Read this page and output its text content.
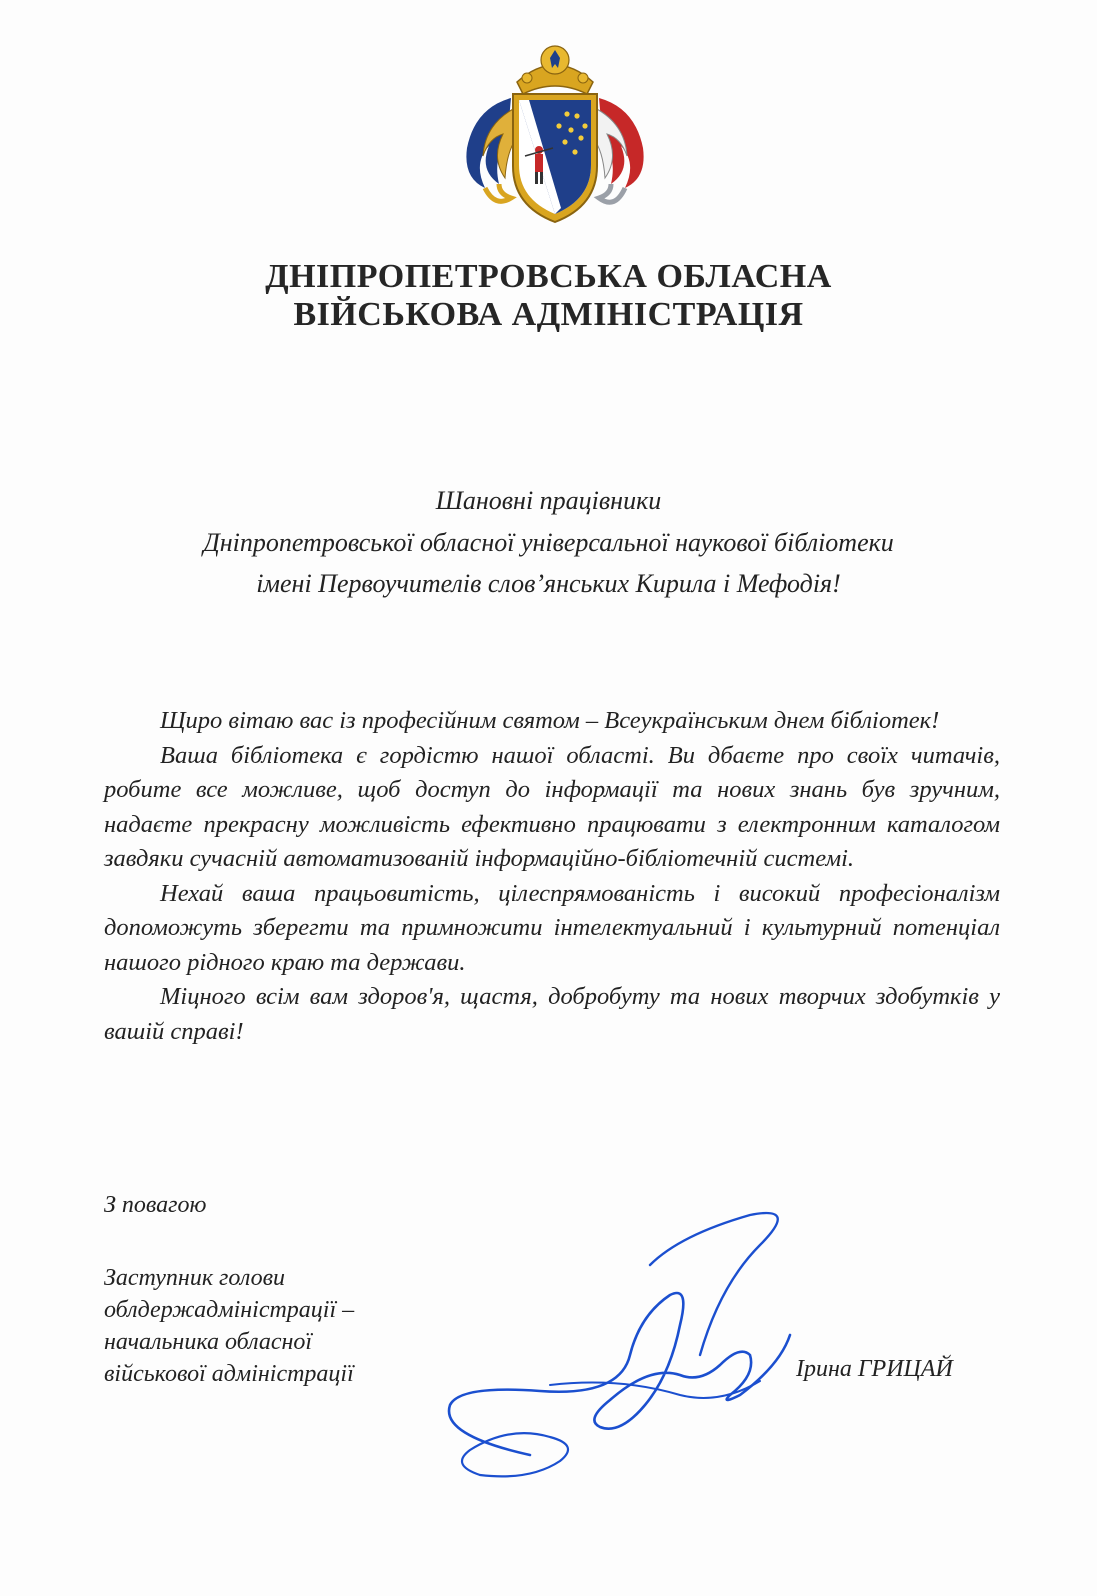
ДНІПРОПЕТРОВСЬКА ОБЛАСНА
ВІЙСЬКОВА АДМІНІСТРАЦІЯ
Шановні працівники
Дніпропетровської обласної універсальної наукової бібліотеки
імені Первоучителів слов’янських Кирила і Мефодія!

Щиро вітаю вас із професійним святом – Всеукраїнським днем бібліотек!

Ваша бібліотека є гордістю нашої області. Ви дбаєте про своїх читачів, робите все можливе, щоб доступ до інформації та нових знань був зручним, надаєте прекрасну можливість ефективно працювати з електронним каталогом завдяки сучасній автоматизованій інформаційно-бібліотечній системі.

Нехай ваша працьовитість, цілеспрямованість і високий професіоналізм допоможуть зберегти та примножити інтелектуальний і культурний потенціал нашого рідного краю та держави.

Міцного всім вам здоров'я, щастя, добробуту та нових творчих здобутків у вашій справі!

З повагою
Заступник голови
облдержадміністрації –
начальника обласної
військової адміністрації	Ірина ГРИЦАЙ
